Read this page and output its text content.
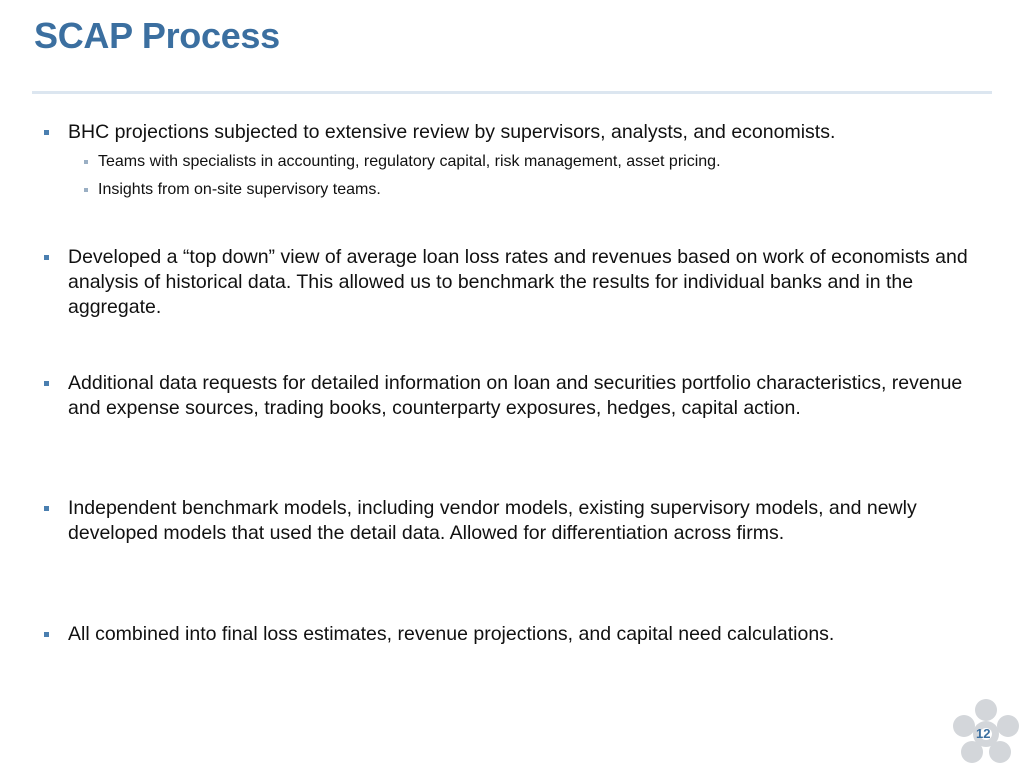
SCAP Process
BHC projections subjected to extensive review by supervisors, analysts, and economists.
Teams with specialists in accounting, regulatory capital, risk management, asset pricing.
Insights from on-site supervisory teams.
Developed a “top down” view of average loan loss rates and revenues based on work of economists and analysis of historical data. This allowed us to benchmark the results for individual banks and in the aggregate.
Additional data requests for detailed information on loan and securities portfolio characteristics, revenue and expense sources, trading books, counterparty exposures, hedges, capital action.
Independent benchmark models, including vendor models, existing supervisory models, and newly developed models that used the detail data. Allowed for differentiation across firms.
All combined into final loss estimates, revenue projections, and capital need calculations.
12
